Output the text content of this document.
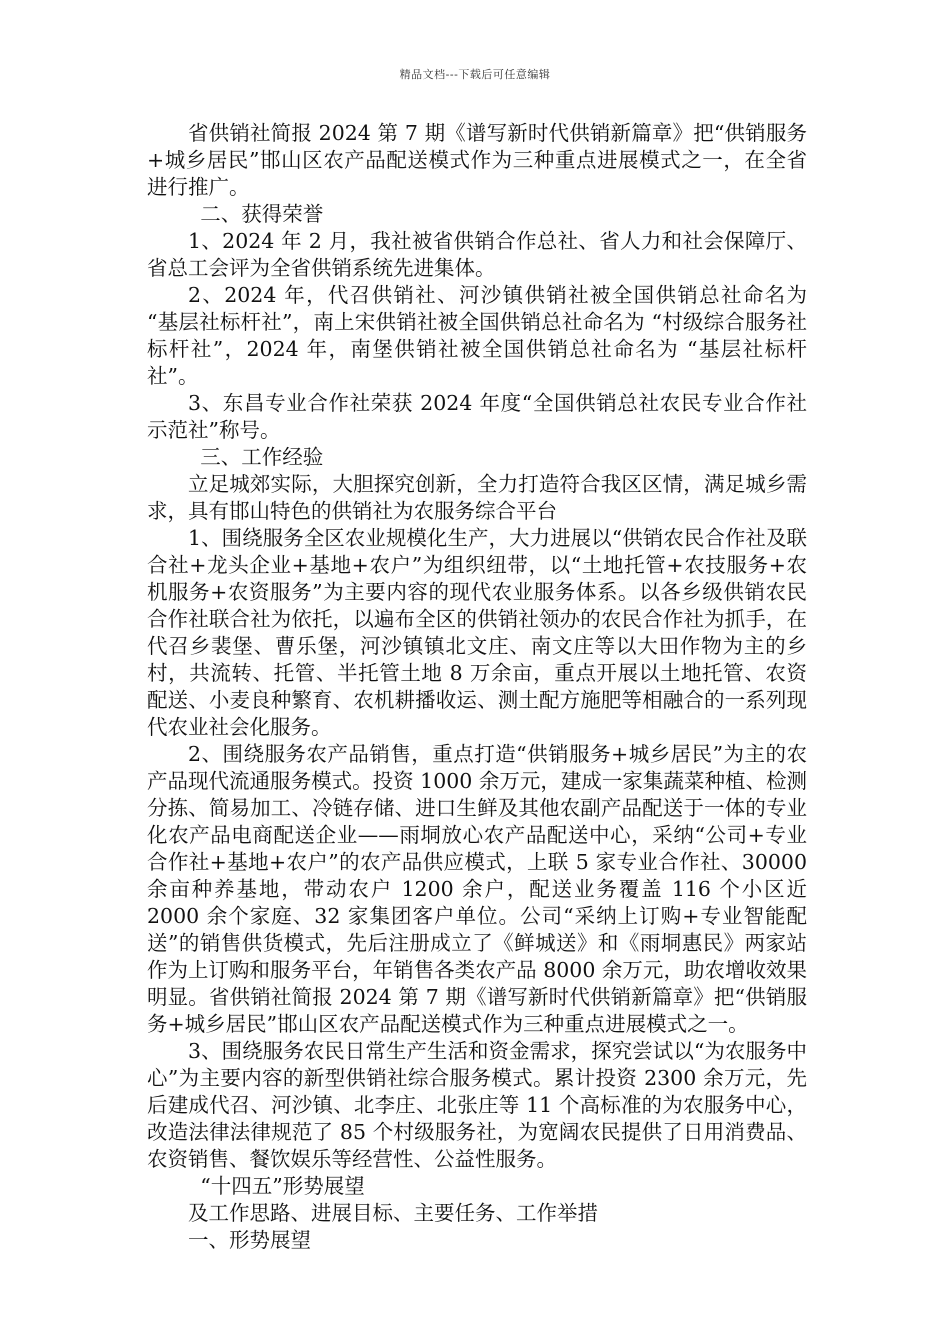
精品文档---下载后可任意编辑

省供销社简报 2024 第 7 期《谱写新时代供销新篇章》把“供销服务+城乡居民”邯山区农产品配送模式作为三种重点进展模式之一，在全省进行推广。

二、获得荣誉

1、2024 年 2 月，我社被省供销合作总社、省人力和社会保障厅、省总工会评为全省供销系统先进集体。

2、2024 年，代召供销社、河沙镇供销社被全国供销总社命名为 “基层社标杆社”，南上宋供销社被全国供销总社命名为 “村级综合服务社标杆社”，2024 年，南堡供销社被全国供销总社命名为 “基层社标杆社”。

3、东昌专业合作社荣获 2024 年度“全国供销总社农民专业合作社示范社”称号。

三、工作经验

立足城郊实际，大胆探究创新，全力打造符合我区区情，满足城乡需求，具有邯山特色的供销社为农服务综合平台

1、围绕服务全区农业规模化生产，大力进展以“供销农民合作社及联合社+龙头企业+基地+农户”为组织纽带，以“土地托管+农技服务+农机服务+农资服务”为主要内容的现代农业服务体系。以各乡级供销农民合作社联合社为依托，以遍布全区的供销社领办的农民合作社为抓手，在代召乡裴堡、曹乐堡，河沙镇镇北文庄、南文庄等以大田作物为主的乡村，共流转、托管、半托管土地 8 万余亩，重点开展以土地托管、农资配送、小麦良种繁育、农机耕播收运、测土配方施肥等相融合的一系列现代农业社会化服务。

2、围绕服务农产品销售，重点打造“供销服务+城乡居民”为主的农产品现代流通服务模式。投资 1000 余万元，建成一家集蔬菜种植、检测分拣、简易加工、冷链存储、进口生鲜及其他农副产品配送于一体的专业化农产品电商配送企业——雨垌放心农产品配送中心，采纳“公司+专业合作社+基地+农户”的农产品供应模式，上联 5 家专业合作社、30000 余亩种养基地，带动农户 1200 余户，配送业务覆盖 116 个小区近 2000 余个家庭、32 家集团客户单位。公司“采纳上订购+专业智能配送”的销售供货模式，先后注册成立了《鲜城送》和《雨垌惠民》两家站作为上订购和服务平台，年销售各类农产品 8000 余万元，助农增收效果明显。省供销社简报 2024 第 7 期《谱写新时代供销新篇章》把“供销服务+城乡居民”邯山区农产品配送模式作为三种重点进展模式之一。

3、围绕服务农民日常生产生活和资金需求，探究尝试以“为农服务中心”为主要内容的新型供销社综合服务模式。累计投资 2300 余万元，先后建成代召、河沙镇、北李庄、北张庄等 11 个高标准的为农服务中心，改造法律法律规范了 85 个村级服务社，为宽阔农民提供了日用消费品、农资销售、餐饮娱乐等经营性、公益性服务。

“十四五”形势展望

及工作思路、进展目标、主要任务、工作举措

一、形势展望
